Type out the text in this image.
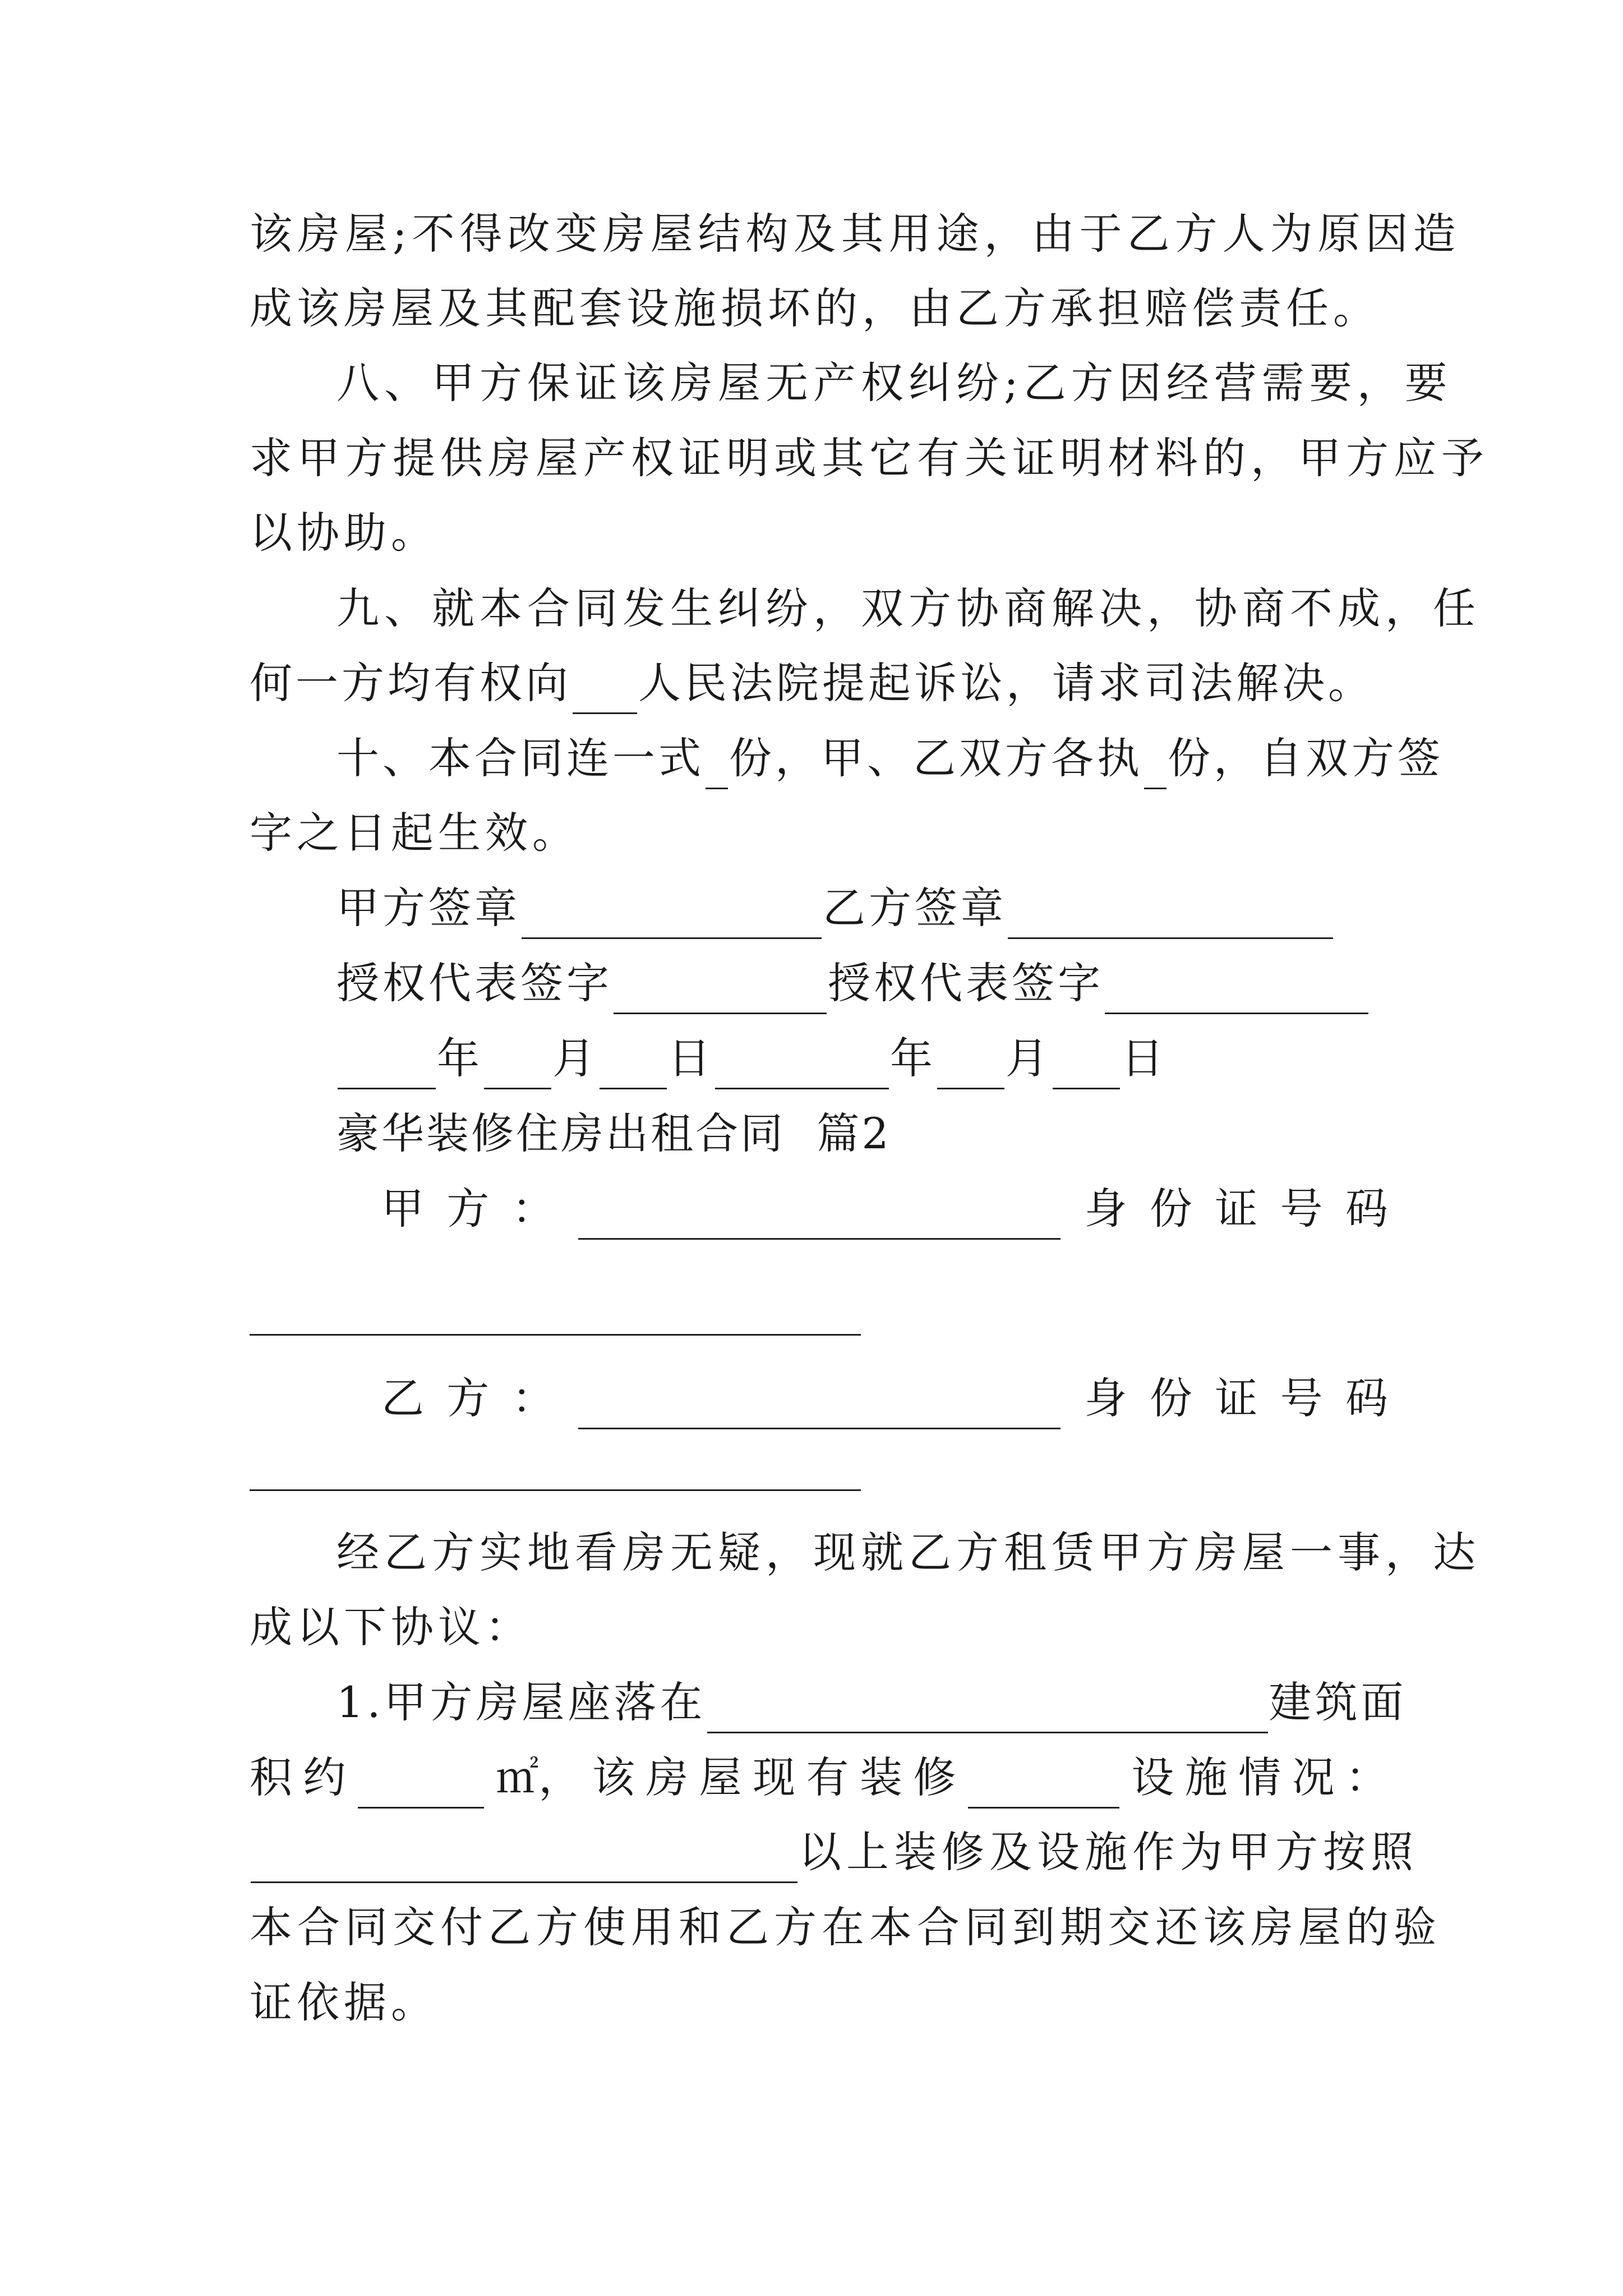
该房屋;不得改变房屋结构及其用途，由于乙方人为原因造
成该房屋及其配套设施损坏的，由乙方承担赔偿责任。
八、甲方保证该房屋无产权纠纷;乙方因经营需要，要
求甲方提供房屋产权证明或其它有关证明材料的，甲方应予
以协助。
九、就本合同发生纠纷，双方协商解决，协商不成，任
何一方均有权向 人民法院提起诉讼，请求司法解决。
十、本合同连一式 份，甲、乙双方各执 份，自双方签
字之日起生效。
甲方签章	乙方签章
授权代表签字	授权代表签字
年 月 日	年 月 日
豪华装修住房出租合同  篇2
甲 方 ：	身 份 证 号 码
乙 方 ：	身 份 证 号 码
经乙方实地看房无疑，现就乙方租赁甲方房屋一事，达
成以下协议：
1.甲方房屋座落在	建筑面
积 约	㎡， 该 房 屋 现 有 装 修	设 施 情 况 ：
以上装修及设施作为甲方按照
本合同交付乙方使用和乙方在本合同到期交还该房屋的验
证依据。
